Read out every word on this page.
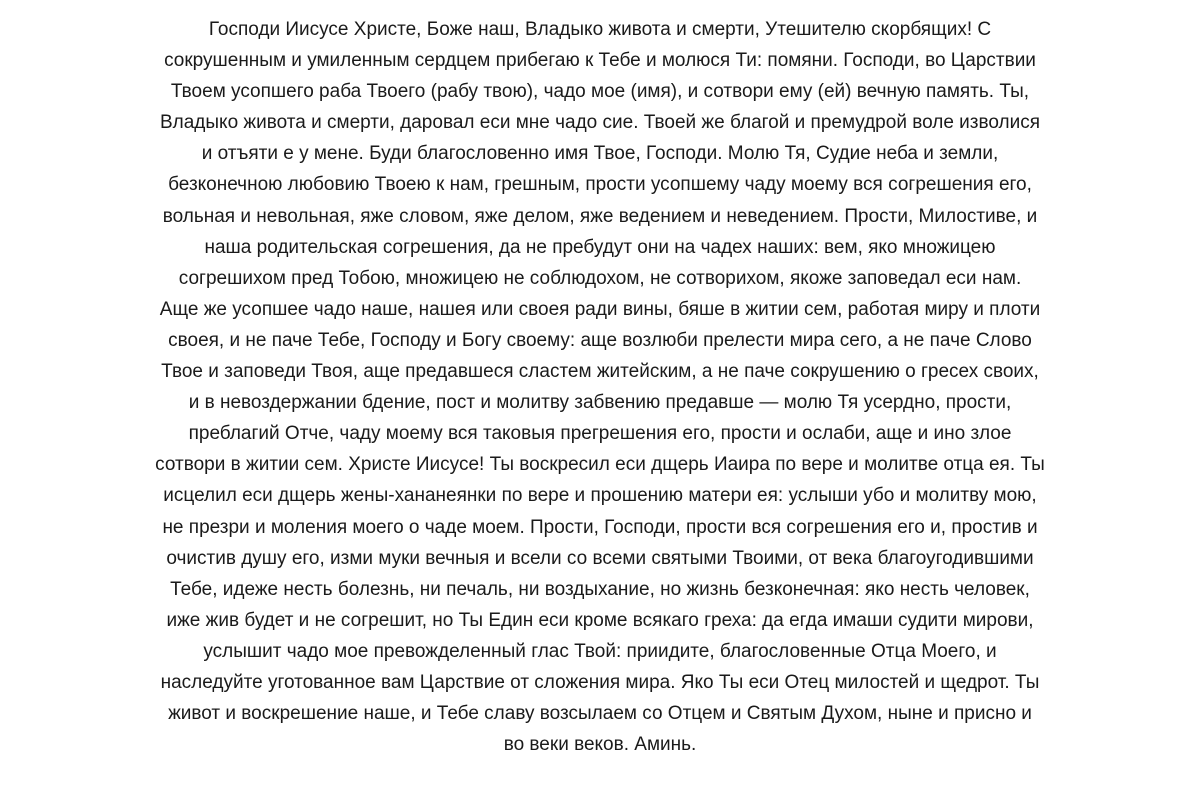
Господи Иисусе Христе, Боже наш, Владыко живота и смерти, Утешителю скорбящих! С
сокрушенным и умиленным сердцем прибегаю к Тебе и молюся Ти: помяни. Господи, во Царствии
Твоем усопшего раба Твоего (рабу твою), чадо мое (имя), и сотвори ему (ей) вечную память. Ты,
Владыко живота и смерти, даровал еси мне чадо сие. Твоей же благой и премудрой воле изволися
и отъяти е у мене. Буди благословенно имя Твое, Господи. Молю Тя, Судие неба и земли,
безконечною любовию Твоею к нам, грешным, прости усопшему чаду моему вся согрешения его,
вольная и невольная, яже словом, яже делом, яже ведением и неведением. Прости, Милостиве, и
наша родительская согрешения, да не пребудут они на чадех наших: вем, яко множицею
согрешихом пред Тобою, множицею не соблюдохом, не сотворихом, якоже заповедал еси нам.
Аще же усопшее чадо наше, нашея или своея ради вины, бяше в житии сем, работая миру и плоти
своея, и не паче Тебе, Господу и Богу своему: аще возлюби прелести мира сего, а не паче Слово
Твое и заповеди Твоя, аще предавшеся сластем житейским, а не паче сокрушению о гресех своих,
и в невоздержании бдение, пост и молитву забвению предавше — молю Тя усердно, прости,
преблагий Отче, чаду моему вся таковыя прегрешения его, прости и ослаби, аще и ино злое
сотвори в житии сем. Христе Иисусе! Ты воскресил еси дщерь Иаира по вере и молитве отца ея. Ты
исцелил еси дщерь жены-хананеянки по вере и прошению матери ея: услыши убо и молитву мою,
не презри и моления моего о чаде моем. Прости, Господи, прости вся согрешения его и, простив и
очистив душу его, изми муки вечныя и всели со всеми святыми Твоими, от века благоугодившими
Тебе, идеже несть болезнь, ни печаль, ни воздыхание, но жизнь безконечная: яко несть человек,
иже жив будет и не согрешит, но Ты Един еси кроме всякаго греха: да егда имаши судити мирови,
услышит чадо мое превожделенный глас Твой: приидите, благословенные Отца Моего, и
наследуйте уготованное вам Царствие от сложения мира. Яко Ты еси Отец милостей и щедрот. Ты
живот и воскрешение наше, и Тебе славу возсылаем со Отцем и Святым Духом, ныне и присно и
во веки веков. Аминь.
